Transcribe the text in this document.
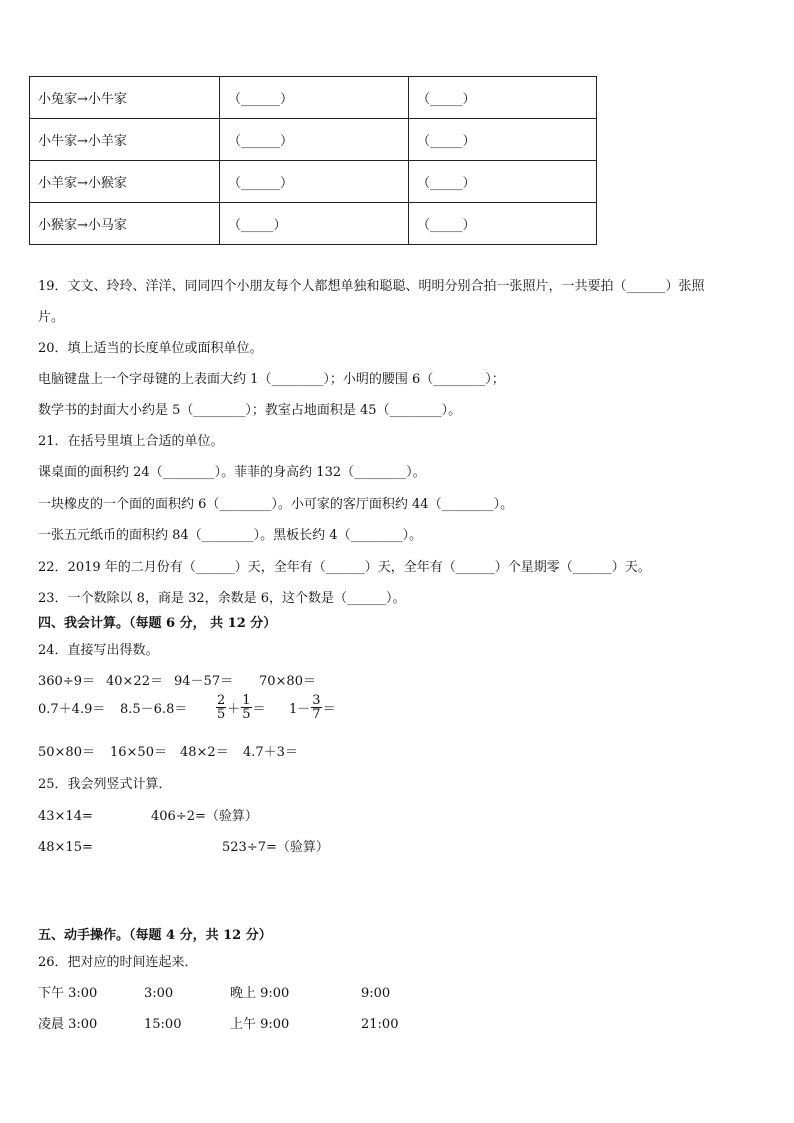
小兔家→小牛家	（______）	（_____）
小牛家→小羊家	（______）	（_____）
小羊家→小猴家	（______）	（_____）
小猴家→小马家	（_____）	（_____）
19．文文、玲玲、洋洋、同同四个小朋友每个人都想单独和聪聪、明明分别合拍一张照片，一共要拍（______）张照
片。
20．填上适当的长度单位或面积单位。
电脑键盘上一个字母键的上表面大约 1（________）；小明的腰围 6（________）；
数学书的封面大小约是 5（________）；教室占地面积是 45（________）。
21．在括号里填上合适的单位。
课桌面的面积约 24（________）。菲菲的身高约 132（________）。
一块橡皮的一个面的面积约 6（________）。小可家的客厅面积约 44（________）。
一张五元纸币的面积约 84（________）。黑板长约 4（________）。
22．2019 年的二月份有（______）天，全年有（______）天，全年有（______）个星期零（______）天。
23．一个数除以 8，商是 32，余数是 6，这个数是（______）。
四、我会计算。（每题 6 分， 共 12 分）
24．直接写出得数。
360÷9＝ 40×22＝ 94－57＝ 70×80＝
$0.7+4.9= 8.5-6.8= \frac{2}{5} + \frac{1}{5} = 1- \frac{3}{7}$ ＝
50×80＝ 16×50＝ 48×2＝ 4.7＋3＝
25．我会列竖式计算．
43×14=	406÷2=（验算）
48×15=	523÷7=（验算）
五、动手操作。（每题 4 分，共 12 分）
26．把对应的时间连起来．
下午 3:00	3:00	晚上 9:00	9:00
凌晨 3:00	15:00	上午 9:00	21:00
